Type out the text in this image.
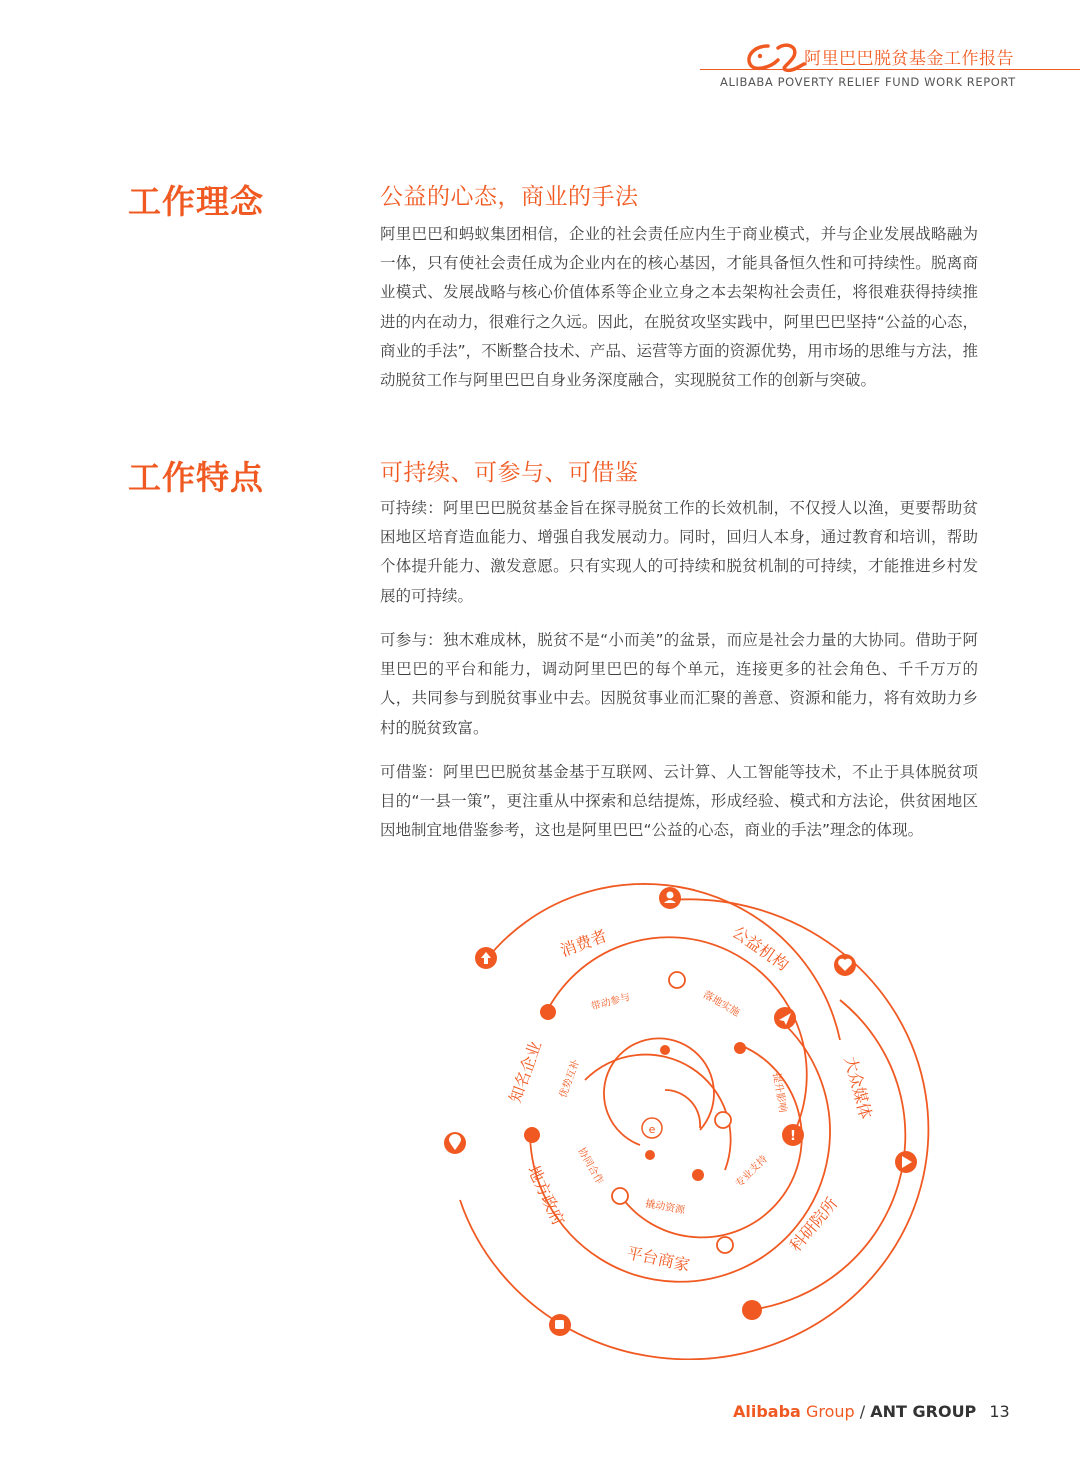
阿里巴巴脱贫基金工作报告
ALIBABA POVERTY RELIEF FUND WORK REPORT
工作理念	公益的心态，商业的手法
阿里巴巴和蚂蚁集团相信，企业的社会责任应内生于商业模式，并与企业发展战略融为一体，只有使社会责任成为企业内在的核心基因，才能具备恒久性和可持续性。脱离商业模式、发展战略与核心价值体系等企业立身之本去架构社会责任，将很难获得持续推进的内在动力，很难行之久远。因此，在脱贫攻坚实践中，阿里巴巴坚持“公益的心态，商业的手法”，不断整合技术、产品、运营等方面的资源优势，用市场的思维与方法，推动脱贫工作与阿里巴巴自身业务深度融合，实现脱贫工作的创新与突破。
工作特点	可持续、可参与、可借鉴
可持续：阿里巴巴脱贫基金旨在探寻脱贫工作的长效机制，不仅授人以渔，更要帮助贫困地区培育造血能力、增强自我发展动力。同时，回归人本身，通过教育和培训，帮助个体提升能力、激发意愿。只有实现人的可持续和脱贫机制的可持续，才能推进乡村发展的可持续。
可参与：独木难成林，脱贫不是“小而美”的盆景，而应是社会力量的大协同。借助于阿里巴巴的平台和能力，调动阿里巴巴的每个单元，连接更多的社会角色、千千万万的人，共同参与到脱贫事业中去。因脱贫事业而汇聚的善意、资源和能力，将有效助力乡村的脱贫致富。
可借鉴：阿里巴巴脱贫基金基于互联网、云计算、人工智能等技术，不止于具体脱贫项目的“一县一策”，更注重从中探索和总结提炼，形成经验、模式和方法论，供贫困地区因地制宜地借鉴参考，这也是阿里巴巴“公益的心态，商业的手法”理念的体现。
!
消费者	公益机构
大众媒体
科研院所
平台商家
地方政府
知名企业
带动参与	落地实施
提升影响
专业支持
撬动资源
协同合作
优势互补
e
Alibaba Group / ANT GROUP 13
